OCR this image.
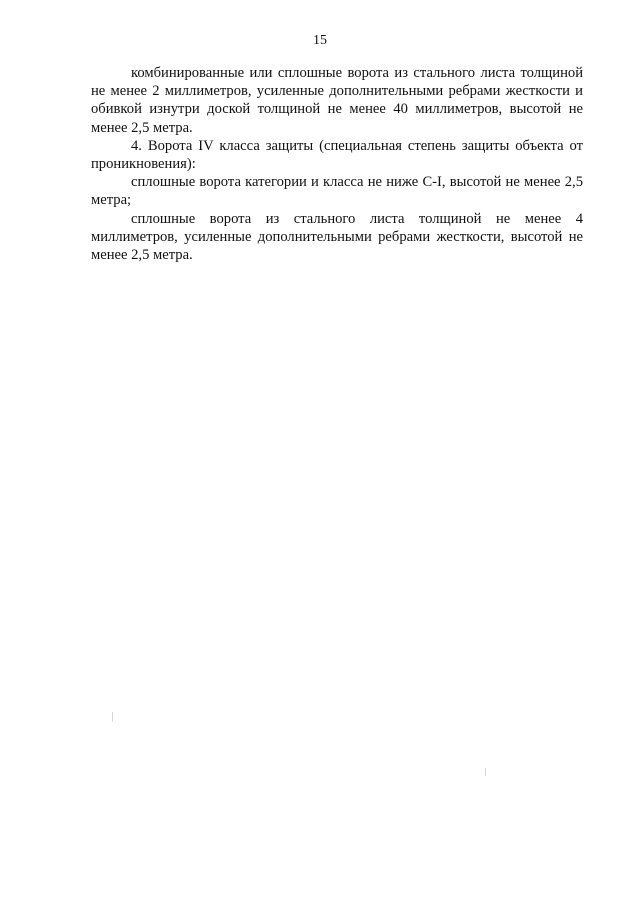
15

комбинированные или сплошные ворота из стального листа толщиной не менее 2 миллиметров, усиленные дополнительными ребрами жесткости и обивкой изнутри доской толщиной не менее 40 миллиметров, высотой не менее 2,5 метра.

4. Ворота IV класса защиты (специальная степень защиты объекта от проникновения):

сплошные ворота категории и класса не ниже C-I, высотой не менее 2,5 метра;

сплошные ворота из стального листа толщиной не менее 4 миллиметров, усиленные дополнительными ребрами жесткости, высотой не менее 2,5 метра.
